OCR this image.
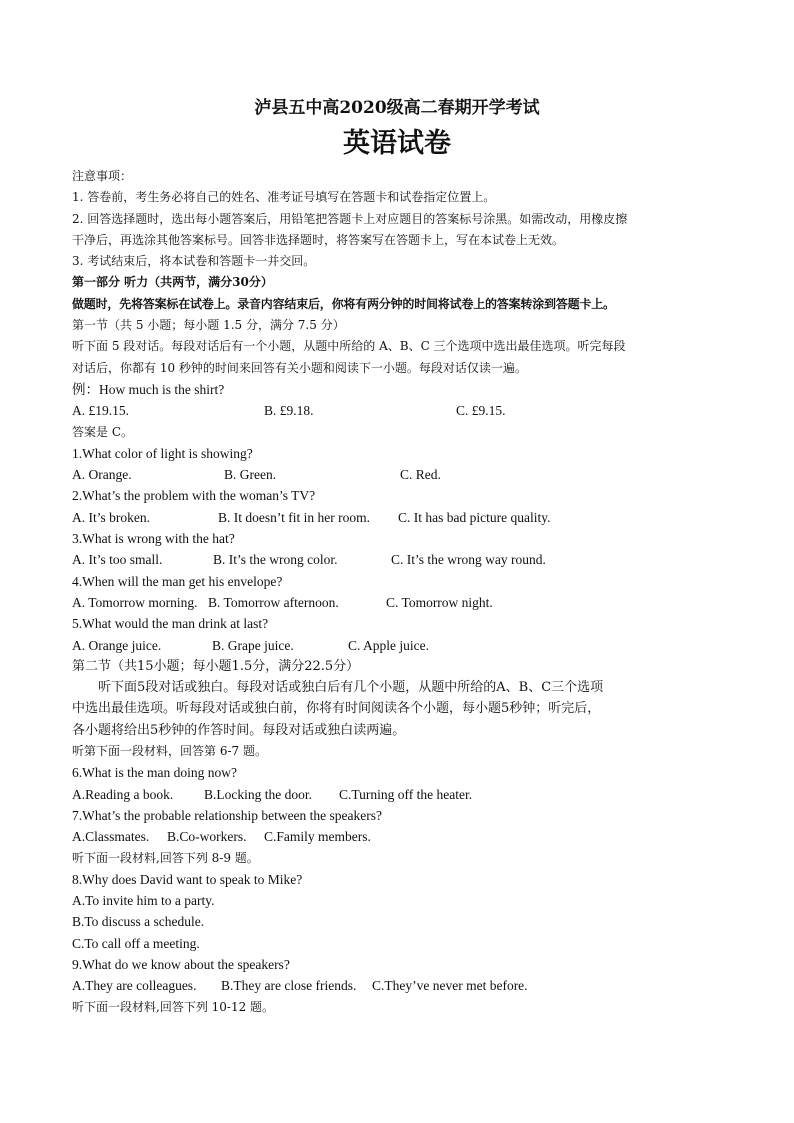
泸县五中高2020级高二春期开学考试
英语试卷
注意事项：
1. 答卷前，考生务必将自己的姓名、准考证号填写在答题卡和试卷指定位置上。
2. 回答选择题时，选出每小题答案后，用铅笔把答题卡上对应题目的答案标号涂黑。如需改动，用橡皮擦
干净后，再选涂其他答案标号。回答非选择题时，将答案写在答题卡上，写在本试卷上无效。
3. 考试结束后，将本试卷和答题卡一并交回。
第一部分 听力（共两节，满分30分）
做题时，先将答案标在试卷上。录音内容结束后，你将有两分钟的时间将试卷上的答案转涂到答题卡上。
第一节（共 5 小题；每小题 1.5 分，满分 7.5 分）
听下面 5 段对话。每段对话后有一个小题，从题中所给的 A、B、C 三个选项中选出最佳选项。听完每段
对话后，你都有 10 秒钟的时间来回答有关小题和阅读下一小题。每段对话仅读一遍。
例：How much is the shirt?
A. £19.15.	B. £9.18.	C. £9.15.
答案是 C。
1.What color of light is showing?
A. Orange.	B. Green.	C. Red.
2.What’s the problem with the woman’s TV?
A. It’s broken.	B. It doesn’t fit in her room.	C. It has bad picture quality.
3.What is wrong with the hat?
A. It’s too small.	B. It’s the wrong color.	C. It’s the wrong way round.
4.When will the man get his envelope?
A. Tomorrow morning. B. Tomorrow afternoon.	C. Tomorrow night.
5.What would the man drink at last?
A. Orange juice.	B. Grape juice.	C. Apple juice.
第二节（共15小题；每小题1.5分，满分22.5分）
听下面5段对话或独白。每段对话或独白后有几个小题，从题中所给的A、B、C三个选项
中选出最佳选项。听每段对话或独白前，你将有时间阅读各个小题，每小题5秒钟；听完后，
各小题将给出5秒钟的作答时间。每段对话或独白读两遍。
听第下面一段材料，回答第 6-7 题。
6.What is the man doing now?
A.Reading a book.	B.Locking the door.	C.Turning off the heater.
7.What’s the probable relationship between the speakers?
A.Classmates.	B.Co-workers.	C.Family members.
听下面一段材料,回答下列 8-9 题。
8.Why does David want to speak to Mike?
A.To invite him to a party.
B.To discuss a schedule.
C.To call off a meeting.
9.What do we know about the speakers?
A.They are colleagues.	B.They are close friends.	C.They’ve never met before.
听下面一段材料,回答下列 10-12 题。
